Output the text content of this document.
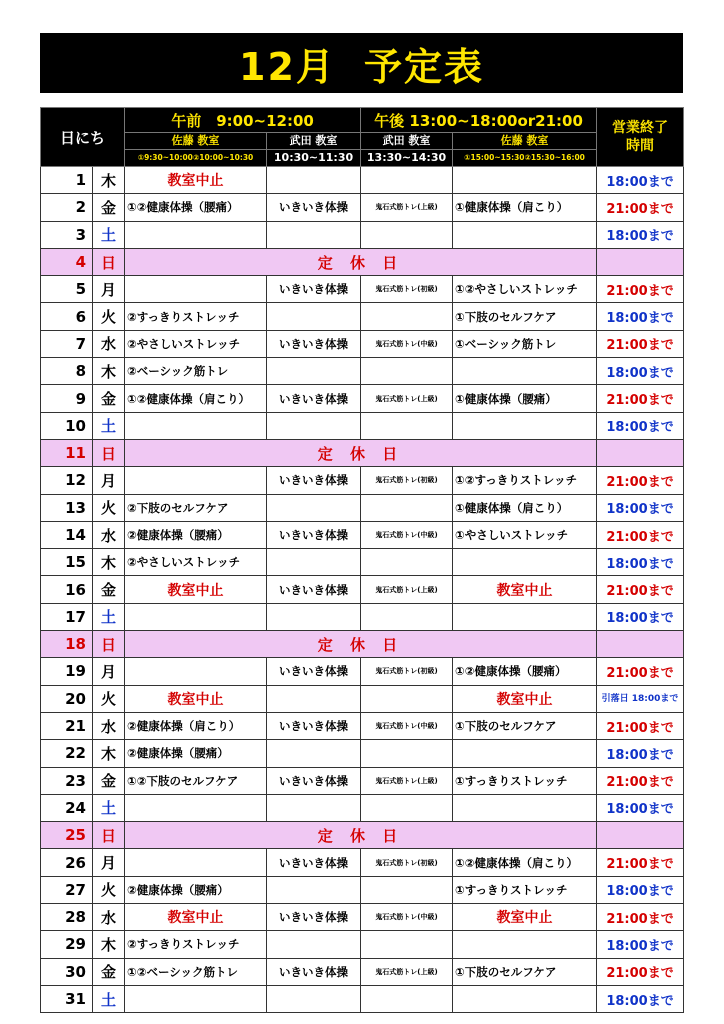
12月 予定表
日にち		午前　9:00~12:00		午後 13:00~18:00or21:00		営業終了
時間
		佐藤 教室	武田 教室	武田 教室	佐藤 教室	
		①9:30~10:00②10:00~10:30	10:30~11:30	13:30~14:30	①15:00~15:30②15:30~16:00	
1	木	教室中止				18:00まで
2	金	①②健康体操（腰痛）	いきいき体操	鬼石式筋トレ(上級)	①健康体操（肩こり）	21:00まで
3	土					18:00まで
4	日	定 休 日				
5	月		いきいき体操	鬼石式筋トレ(初級)	①②やさしいストレッチ	21:00まで
6	火	②すっきりストレッチ			①下肢のセルフケア	18:00まで
7	水	②やさしいストレッチ	いきいき体操	鬼石式筋トレ(中級)	①ベーシック筋トレ	21:00まで
8	木	②ベーシック筋トレ				18:00まで
9	金	①②健康体操（肩こり）	いきいき体操	鬼石式筋トレ(上級)	①健康体操（腰痛）	21:00まで
10	土					18:00まで
11	日	定 休 日				
12	月		いきいき体操	鬼石式筋トレ(初級)	①②すっきりストレッチ	21:00まで
13	火	②下肢のセルフケア			①健康体操（肩こり）	18:00まで
14	水	②健康体操（腰痛）	いきいき体操	鬼石式筋トレ(中級)	①やさしいストレッチ	21:00まで
15	木	②やさしいストレッチ				18:00まで
16	金	教室中止	いきいき体操	鬼石式筋トレ(上級)	教室中止	21:00まで
17	土					18:00まで
18	日	定 休 日				
19	月		いきいき体操	鬼石式筋トレ(初級)	①②健康体操（腰痛）	21:00まで
20	火	教室中止			教室中止	引落日 18:00まで
21	水	②健康体操（肩こり）	いきいき体操	鬼石式筋トレ(中級)	①下肢のセルフケア	21:00まで
22	木	②健康体操（腰痛）				18:00まで
23	金	①②下肢のセルフケア	いきいき体操	鬼石式筋トレ(上級)	①すっきりストレッチ	21:00まで
24	土					18:00まで
25	日	定 休 日				
26	月		いきいき体操	鬼石式筋トレ(初級)	①②健康体操（肩こり）	21:00まで
27	火	②健康体操（腰痛）			①すっきりストレッチ	18:00まで
28	水	教室中止	いきいき体操	鬼石式筋トレ(中級)	教室中止	21:00まで
29	木	②すっきりストレッチ				18:00まで
30	金	①②ベーシック筋トレ	いきいき体操	鬼石式筋トレ(上級)	①下肢のセルフケア	21:00まで
31	土					18:00まで
